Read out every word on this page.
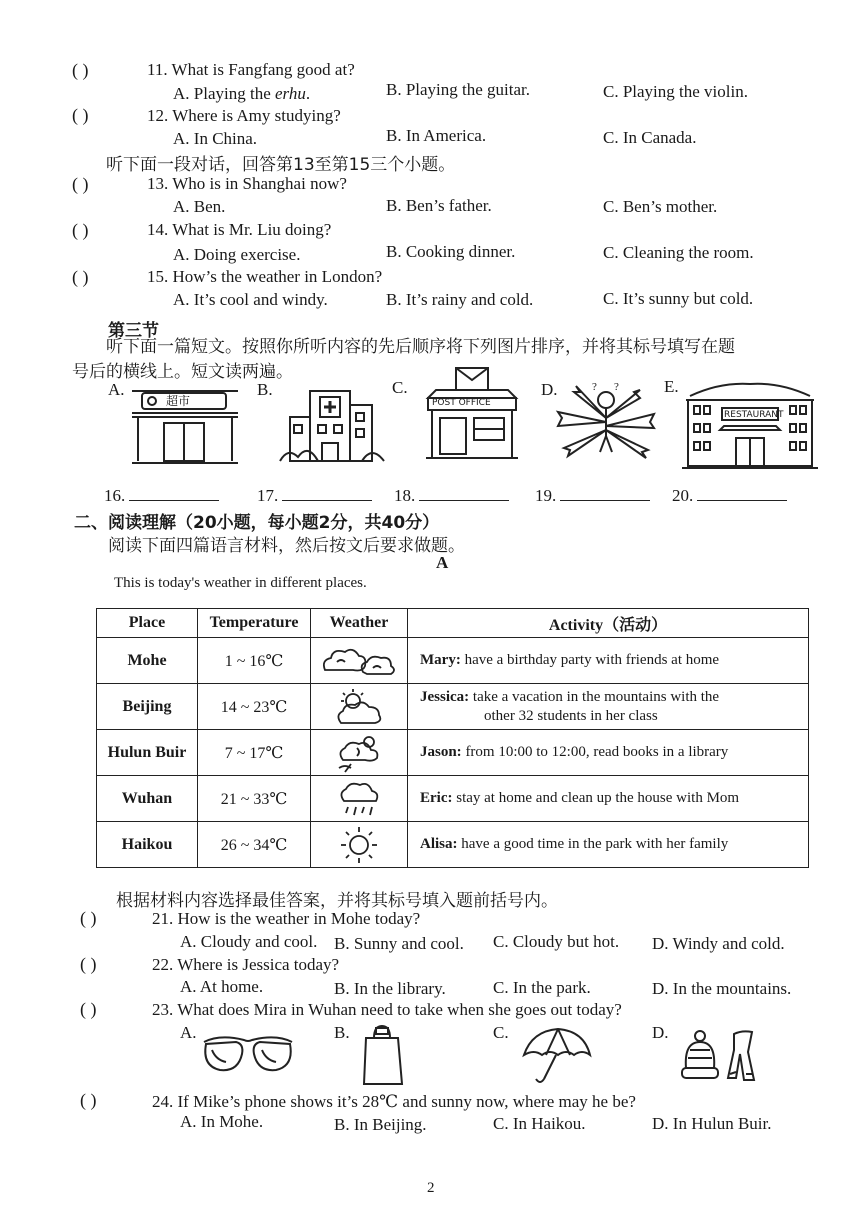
( )	11. What is Fangfang good at?
A. Playing the erhu.	B. Playing the guitar.	C. Playing the violin.
( )	12. Where is Amy studying?
A. In China.	B. In America.	C. In Canada.
听下面一段对话，回答第13至第15三个小题。
( )	13. Who is in Shanghai now?
A. Ben.	B. Ben’s father.	C. Ben’s mother.
( )	14. What is Mr. Liu doing?
A. Doing exercise.	B. Cooking dinner.	C. Cleaning the room.
( )	15. How’s the weather in London?
A. It’s cool and windy.	B. It’s rainy and cold.	C. It’s sunny but cold.
第三节
听下面一篇短文。按照你所听内容的先后顺序将下列图片排序，并将其标号填写在题
号后的横线上。短文读两遍。
A.
超市
B.	C.
POST OFFICE
D.	?
?	E.
RESTAURANT
16.	17.	18.	19.	20.
二、阅读理解（20小题，每小题2分，共40分）
阅读下面四篇语言材料，然后按文后要求做题。
A
This is today's weather in different places.
Place	Temperature	Weather	Activity（活动）
Mohe	1 ~ 16℃		Mary: have a birthday party with friends at home
Beijing	14 ~ 23℃		Jessica: take a vacation in the mountains with the
other 32 students in her class
Hulun Buir	7 ~ 17℃		Jason: from 10:00 to 12:00, read books in a library
Wuhan	21 ~ 33℃		Eric: stay at home and clean up the house with Mom
Haikou	26 ~ 34℃		Alisa: have a good time in the park with her family
根据材料内容选择最佳答案，并将其标号填入题前括号内。
( )	21. How is the weather in Mohe today?
A. Cloudy and cool. B. Sunny and cool. C. Cloudy but hot. D. Windy and cold.
( )	22. Where is Jessica today?
A. At home.	B. In the library.	C. In the park.	D. In the mountains.
( )	23. What does Mira in Wuhan need to take when she goes out today?
A.	B.	C.	D.
( )	24. If Mike’s phone shows it’s 28℃ and sunny now, where may he be?
A. In Mohe.	B. In Beijing.	C. In Haikou.	D. In Hulun Buir.
2
